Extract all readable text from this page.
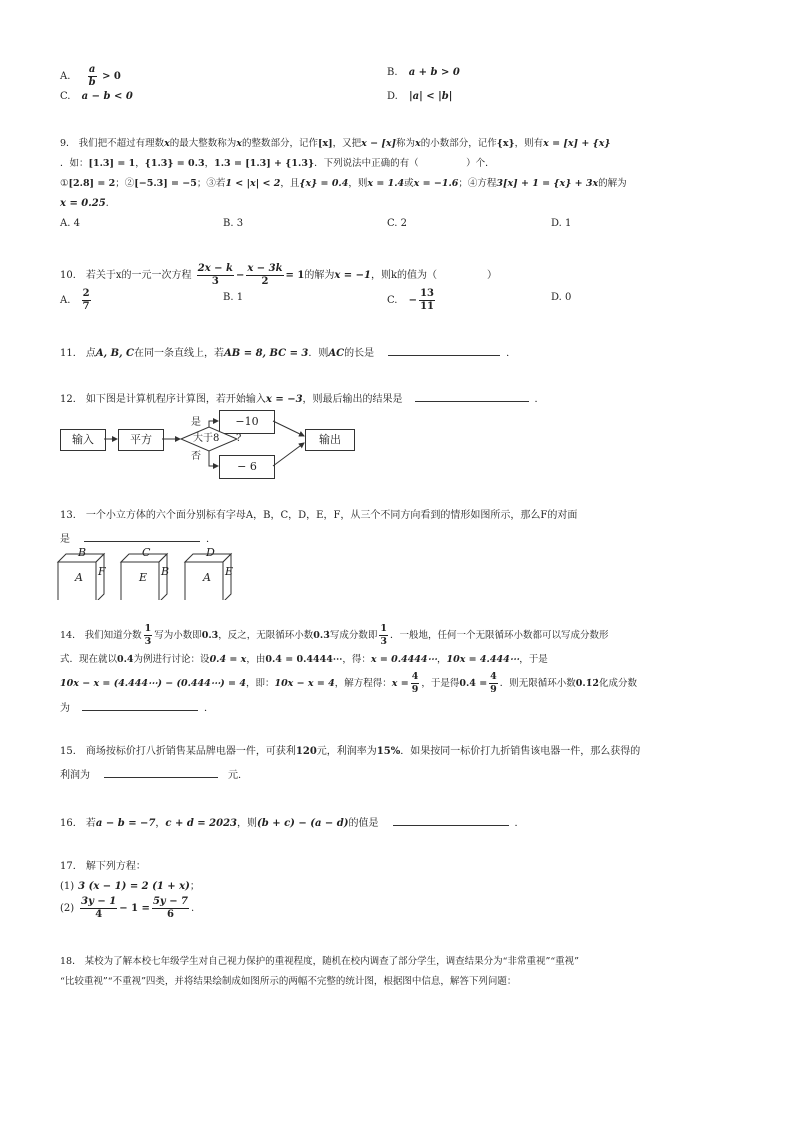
A. $\frac{a}{b} > 0$	B. a + b > 0
C. a − b < 0	D. |a| < |b|
9． 我们把不超过有理数x的最大整数称为x的整数部分，记作[x]，又把x − [x]称为x的小数部分，记作{x}，则有x = [x] + {x}
．如：[1.3] = 1，{1.3} = 0.3，1.3 = [1.3] + {1.3}．下列说法中正确的有（　　　　　）个．
①[2.8] = 2；②[−5.3] = −5；③若1 < |x| < 2，且{x} = 0.4，则x = 1.4或x = −1.6；④方程3[x] + 1 = {x} + 3x的解为
x = 0.25.
A. 4	B. 3	C. 2	D. 1
10． 若关于x的一元一次方程 $\frac{2x - k}{3} - \frac{x - 3k}{2} = 1$的解为x = −1，则k的值为（　　　　　）
A. $\frac{2}{7}$	B. 1	C. − $\frac{13}{11}$	D. 0
11． 点A, B, C在同一条直线上，若AB = 8, BC = 3．则AC的长是	．
12． 如下图是计算机程序计算图，若开始输入x = −3，则最后输出的结果是	．
输入	平方
−10
− 6
输出
大于8 ?
是
否
13． 一个小立方体的六个面分别标有字母A，B，C，D，E，F，从三个不同方向看到的情形如图所示，那么F的对面
是	．
B
A F
C
E B
D
A E
14． 我们知道分数 $\frac{1}{3}$ 写为小数即0.3̇，反之，无限循环小数0.3̇写成分数即 $\frac{1}{3}$ ．一般地，任何一个无限循环小数都可以写成分数形
式．现在就以0.4̇为例进行讨论：设0.4̇ = x，由0.4̇ = 0.4444⋯，得：x = 0.4444⋯，10x = 4.444⋯，于是
10x − x = (4.444⋯) − (0.444⋯) = 4，即：10x − x = 4，解方程得：$x = \frac{4}{9}$ ，于是得0.4̇ = $\frac{4}{9}$ ．则无限循环小数0.1̇2̇化成分数
为	．
15． 商场按标价打八折销售某品牌电器一件，可获利120元，利润率为15%．如果按同一标价打九折销售该电器一件，那么获得的
利润为	元．
16． 若a − b = −7，c + d = 2023，则(b + c) − (a − d)的值是	．
17． 解下列方程：
(1) 3 (x − 1) = 2 (1 + x)；
$(2) \frac{3y - 1}{4} - 1 = \frac{5y - 7}{6}$ .
18． 某校为了解本校七年级学生对自己视力保护的重视程度，随机在校内调查了部分学生，调查结果分为“非常重视”“重视”
“比较重视”“不重视”四类，并将结果绘制成如图所示的两幅不完整的统计图，根据图中信息，解答下列问题：
